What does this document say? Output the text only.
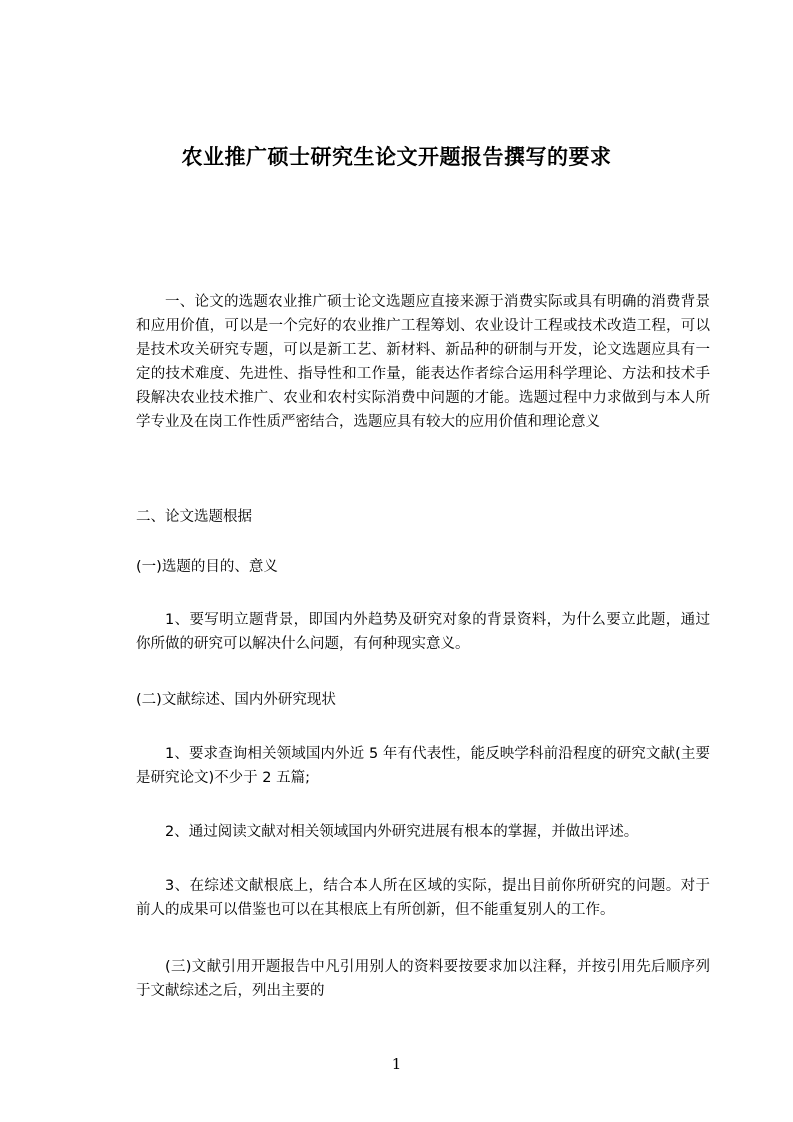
农业推广硕士研究生论文开题报告撰写的要求

一、论文的选题农业推广硕士论文选题应直接来源于消费实际或具有明确的消费背景和应用价值，可以是一个完好的农业推广工程筹划、农业设计工程或技术改造工程，可以是技术攻关研究专题，可以是新工艺、新材料、新品种的研制与开发，论文选题应具有一定的技术难度、先进性、指导性和工作量，能表达作者综合运用科学理论、方法和技术手段解决农业技术推广、农业和农村实际消费中问题的才能。选题过程中力求做到与本人所学专业及在岗工作性质严密结合，选题应具有较大的应用价值和理论意义

二、论文选题根据

(一)选题的目的、意义

1、要写明立题背景，即国内外趋势及研究对象的背景资料，为什么要立此题，通过你所做的研究可以解决什么问题，有何种现实意义。

(二)文献综述、国内外研究现状

1、要求查询相关领域国内外近 5 年有代表性，能反映学科前沿程度的研究文献(主要是研究论文)不少于 2 五篇;

2、通过阅读文献对相关领域国内外研究进展有根本的掌握，并做出评述。

3、在综述文献根底上，结合本人所在区域的实际，提出目前你所研究的问题。对于前人的成果可以借鉴也可以在其根底上有所创新，但不能重复别人的工作。

(三)文献引用开题报告中凡引用别人的资料要按要求加以注释，并按引用先后顺序列于文献综述之后，列出主要的

1
